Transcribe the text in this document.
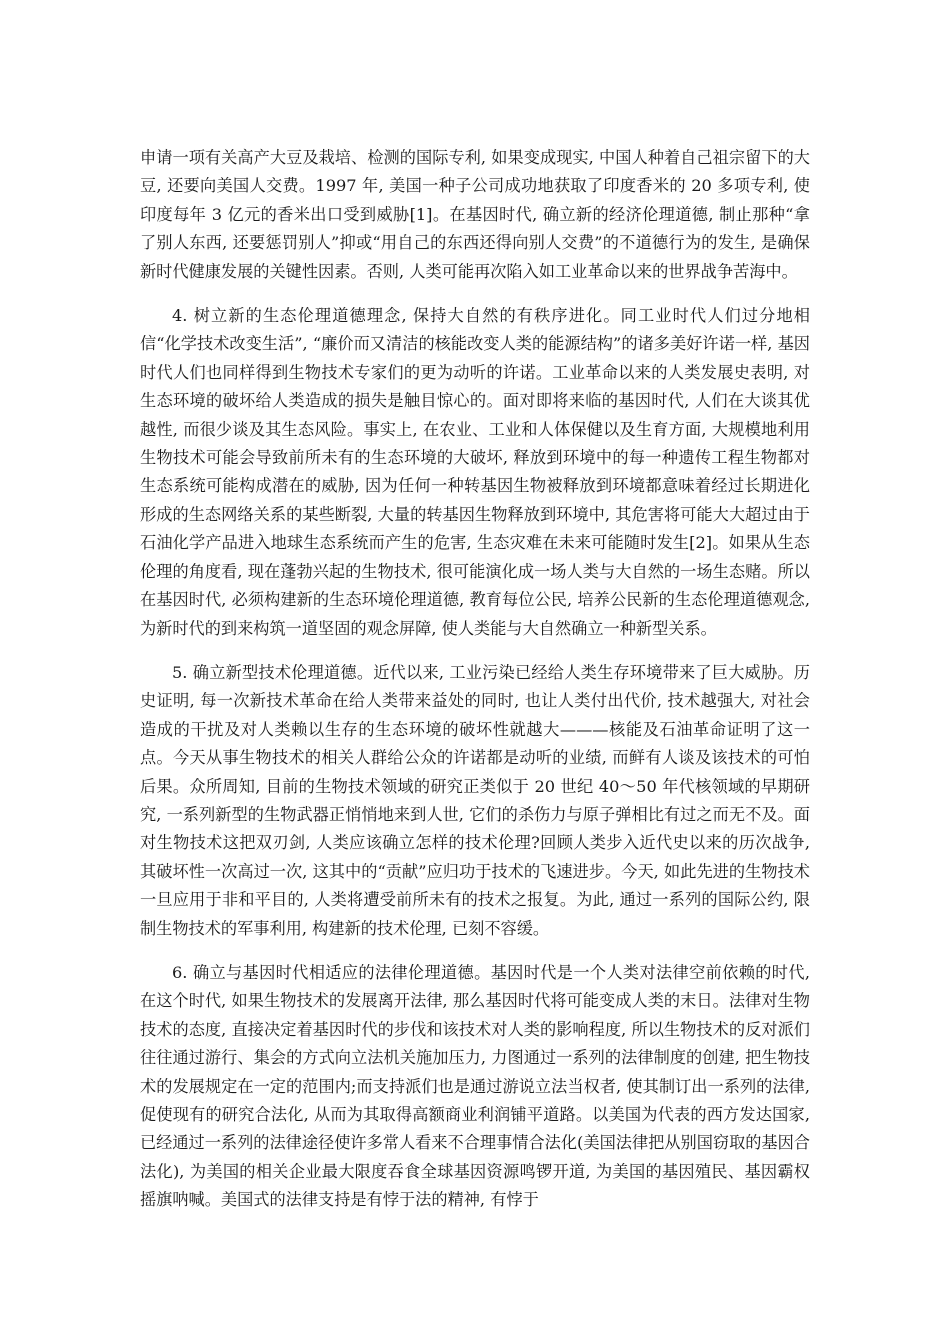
申请一项有关高产大豆及栽培、检测的国际专利, 如果变成现实, 中国人种着自己祖宗留下的大豆, 还要向美国人交费。1997 年, 美国一种子公司成功地获取了印度香米的 20 多项专利, 使印度每年 3 亿元的香米出口受到威胁[1]。在基因时代, 确立新的经济伦理道德, 制止那种“拿了别人东西, 还要惩罚别人”抑或“用自己的东西还得向别人交费”的不道德行为的发生, 是确保新时代健康发展的关键性因素。否则, 人类可能再次陷入如工业革命以来的世界战争苦海中。

4. 树立新的生态伦理道德理念, 保持大自然的有秩序进化。同工业时代人们过分地相信“化学技术改变生活”, “廉价而又清洁的核能改变人类的能源结构”的诸多美好许诺一样, 基因时代人们也同样得到生物技术专家们的更为动听的许诺。工业革命以来的人类发展史表明, 对生态环境的破坏给人类造成的损失是触目惊心的。面对即将来临的基因时代, 人们在大谈其优越性, 而很少谈及其生态风险。事实上, 在农业、工业和人体保健以及生育方面, 大规模地利用生物技术可能会导致前所未有的生态环境的大破坏, 释放到环境中的每一种遗传工程生物都对生态系统可能构成潜在的威胁, 因为任何一种转基因生物被释放到环境都意味着经过长期进化形成的生态网络关系的某些断裂, 大量的转基因生物释放到环境中, 其危害将可能大大超过由于石油化学产品进入地球生态系统而产生的危害, 生态灾难在未来可能随时发生[2]。如果从生态伦理的角度看, 现在蓬勃兴起的生物技术, 很可能演化成一场人类与大自然的一场生态赌。所以在基因时代, 必须构建新的生态环境伦理道德, 教育每位公民, 培养公民新的生态伦理道德观念, 为新时代的到来构筑一道坚固的观念屏障, 使人类能与大自然确立一种新型关系。

5. 确立新型技术伦理道德。近代以来, 工业污染已经给人类生存环境带来了巨大威胁。历史证明, 每一次新技术革命在给人类带来益处的同时, 也让人类付出代价, 技术越强大, 对社会造成的干扰及对人类赖以生存的生态环境的破坏性就越大———核能及石油革命证明了这一点。今天从事生物技术的相关人群给公众的许诺都是动听的业绩, 而鲜有人谈及该技术的可怕后果。众所周知, 目前的生物技术领域的研究正类似于 20 世纪 40～50 年代核领域的早期研究, 一系列新型的生物武器正悄悄地来到人世, 它们的杀伤力与原子弹相比有过之而无不及。面对生物技术这把双刃剑, 人类应该确立怎样的技术伦理?回顾人类步入近代史以来的历次战争, 其破坏性一次高过一次, 这其中的“贡献”应归功于技术的飞速进步。今天, 如此先进的生物技术一旦应用于非和平目的, 人类将遭受前所未有的技术之报复。为此, 通过一系列的国际公约, 限制生物技术的军事利用, 构建新的技术伦理, 已刻不容缓。

6. 确立与基因时代相适应的法律伦理道德。基因时代是一个人类对法律空前依赖的时代, 在这个时代, 如果生物技术的发展离开法律, 那么基因时代将可能变成人类的末日。法律对生物技术的态度, 直接决定着基因时代的步伐和该技术对人类的影响程度, 所以生物技术的反对派们往往通过游行、集会的方式向立法机关施加压力, 力图通过一系列的法律制度的创建, 把生物技术的发展规定在一定的范围内;而支持派们也是通过游说立法当权者, 使其制订出一系列的法律, 促使现有的研究合法化, 从而为其取得高额商业利润铺平道路。以美国为代表的西方发达国家, 已经通过一系列的法律途径使许多常人看来不合理事情合法化(美国法律把从别国窃取的基因合法化), 为美国的相关企业最大限度吞食全球基因资源鸣锣开道, 为美国的基因殖民、基因霸权摇旗呐喊。美国式的法律支持是有悖于法的精神, 有悖于
